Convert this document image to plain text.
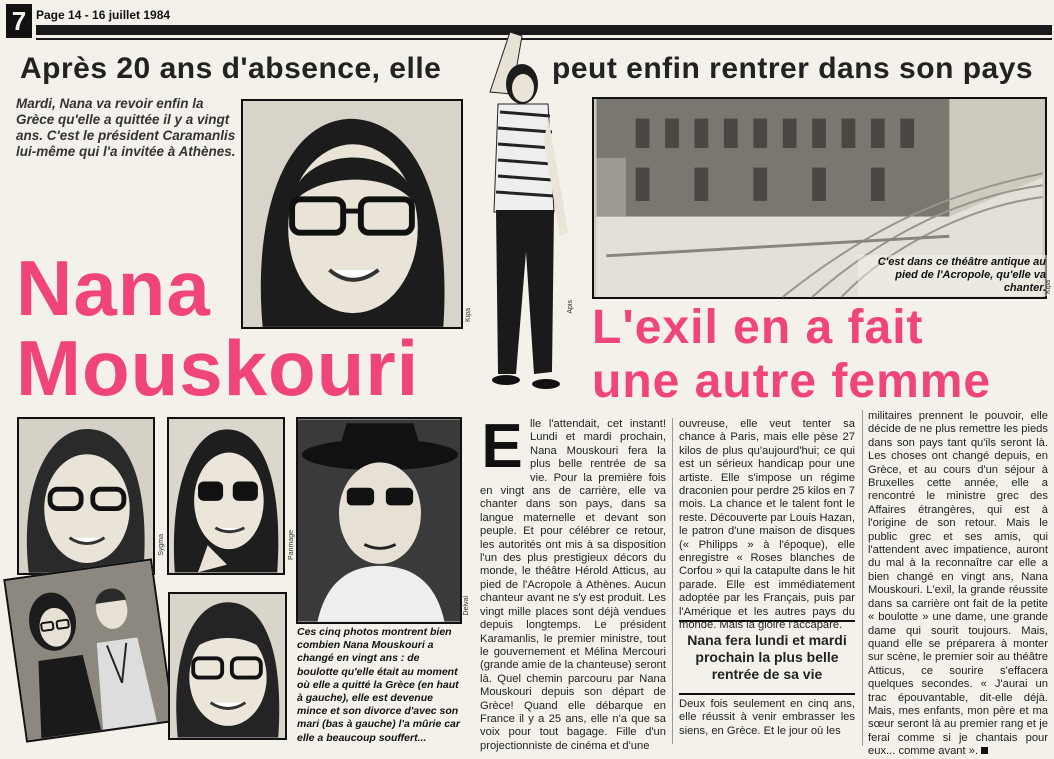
7 Page 14 - 16 juillet 1984
Après 20 ans d'absence, elle	peut enfin rentrer dans son pays
Mardi, Nana va revoir enfin la Grèce qu'elle a quittée il y a vingt ans. C'est le président Caramanlis lui-même qui l'a invitée à Athènes.
Kipa
Apis
C'est dans ce théâtre antique au pied de l'Acropole, qu'elle va chanter. Kipa
Nana
Mouskouri	L'exil en a fait
une autre femme
Sygma	Parimage
Delval
Ces cinq photos montrent bien combien Nana Mouskouri a changé en vingt ans : de boulotte qu'elle était au moment où elle a quitté la Grèce (en haut à gauche), elle est devenue mince et son divorce d'avec son mari (bas à gauche) l'a mûrie car elle a beaucoup souffert...
E lle l'attendait, cet instant! Lundi et mardi prochain, Nana Mouskouri fera la plus belle rentrée de sa vie. Pour la première fois en vingt ans de carrière, elle va chanter dans son pays, dans sa langue maternelle et devant son peuple. Et pour célébrer ce retour, les autorités ont mis à sa disposition l'un des plus prestigieux décors du monde, le théâtre Hérold Atticus, au pied de l'Acropole à Athènes. Aucun chanteur avant ne s'y est produit. Les vingt mille places sont déjà vendues depuis longtemps. Le président Karamanlis, le premier ministre, tout le gouvernement et Mélina Mercouri (grande amie de la chanteuse) seront là. Quel chemin parcouru par Nana Mouskouri depuis son départ de Grèce! Quand elle débarque en France il y a 25 ans, elle n'a que sa voix pour tout bagage. Fille d'un projectionniste de cinéma et d'une
ouvreuse, elle veut tenter sa chance à Paris, mais elle pèse 27 kilos de plus qu'aujourd'hui; ce qui est un sérieux handicap pour une artiste. Elle s'impose un régime draconien pour perdre 25 kilos en 7 mois. La chance et le talent font le reste. Découverte par Louis Hazan, le patron d'une maison de disques (« Philipps » à l'époque), elle enregistre « Roses blanches de Corfou » qui la catapulte dans le hit parade. Elle est immédiatement adoptée par les Français, puis par l'Amérique et les autres pays du monde. Mais la gloire l'accapare.
Nana fera lundi et mardi prochain la plus belle rentrée de sa vie
Deux fois seulement en cinq ans, elle réussit à venir embrasser les siens, en Grèce. Et le jour où les
militaires prennent le pouvoir, elle décide de ne plus remettre les pieds dans son pays tant qu'ils seront là. Les choses ont changé depuis, en Grèce, et au cours d'un séjour à Bruxelles cette année, elle a rencontré le ministre grec des Affaires étrangères, qui est à l'origine de son retour. Mais le public grec et ses amis, qui l'attendent avec impatience, auront du mal à la reconnaître car elle a bien changé en vingt ans, Nana Mouskouri. L'exil, la grande réussite dans sa carrière ont fait de la petite « boulotte » une dame, une grande dame qui sourit toujours. Mais, quand elle se préparera à monter sur scène, le premier soir au théâtre Atticus, ce sourire s'effacera quelques secondes. « J'aurai un trac épouvantable, dit-elle déjà. Mais, mes enfants, mon père et ma sœur seront là au premier rang et je ferai comme si je chantais pour eux... comme avant ».
